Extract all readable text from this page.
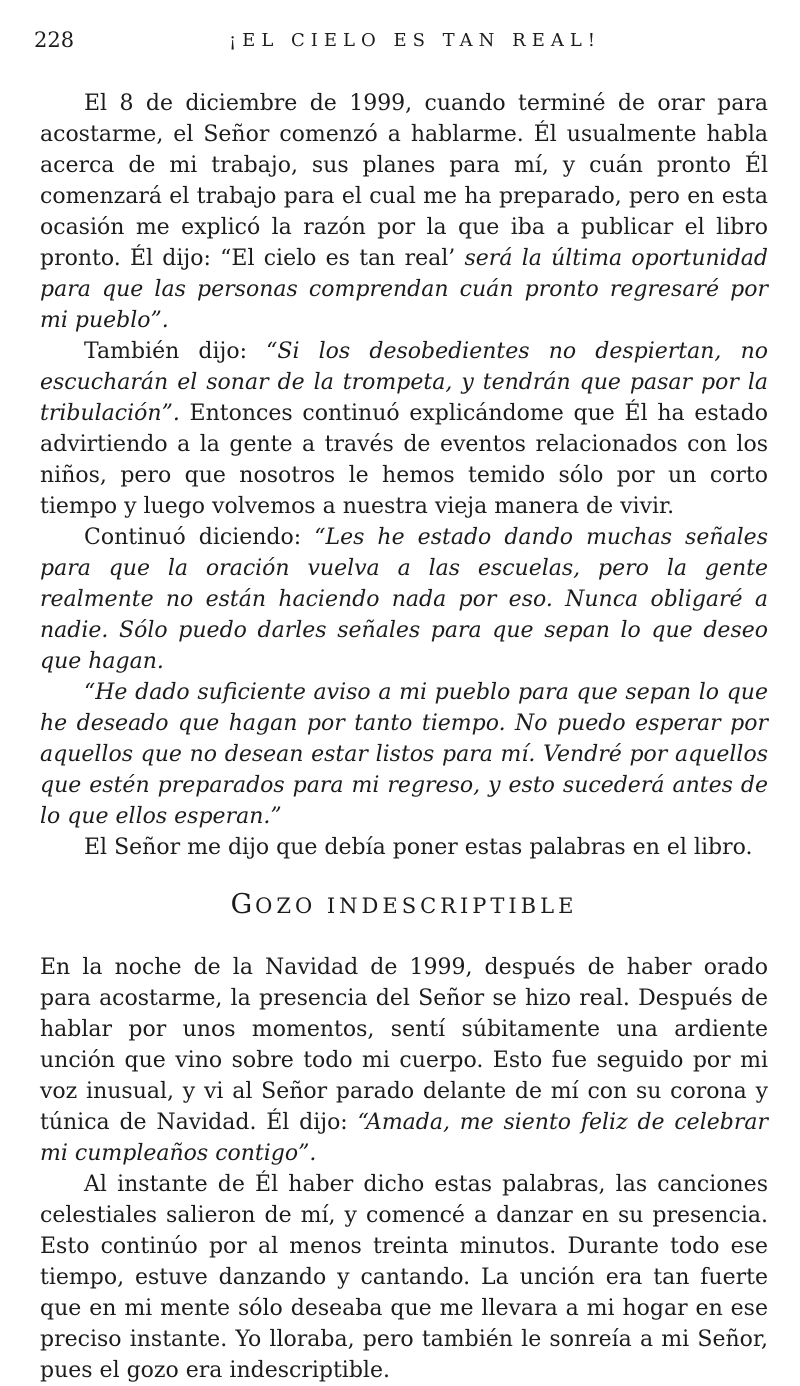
228	¡EL CIELO ES TAN REAL!

El 8 de diciembre de 1999, cuando terminé de orar para acostarme, el Señor comenzó a hablarme. Él usualmente habla acerca de mi trabajo, sus planes para mí, y cuán pronto Él comenzará el trabajo para el cual me ha preparado, pero en esta ocasión me explicó la razón por la que iba a publicar el libro pronto. Él dijo: “El cielo es tan real’ será la última oportunidad para que las personas comprendan cuán pronto regresaré por mi pueblo”.

También dijo: “Si los desobedientes no despiertan, no escucharán el sonar de la trompeta, y tendrán que pasar por la tribulación”. Entonces continuó explicándome que Él ha estado advirtiendo a la gente a través de eventos relacionados con los niños, pero que nosotros le hemos temido sólo por un corto tiempo y luego volvemos a nuestra vieja manera de vivir.

Continuó diciendo: “Les he estado dando muchas señales para que la oración vuelva a las escuelas, pero la gente realmente no están haciendo nada por eso. Nunca obligaré a nadie. Sólo puedo darles señales para que sepan lo que deseo que hagan.

“He dado suficiente aviso a mi pueblo para que sepan lo que he deseado que hagan por tanto tiempo. No puedo esperar por aquellos que no desean estar listos para mí. Vendré por aquellos que estén preparados para mi regreso, y esto sucederá antes de lo que ellos esperan.”

El Señor me dijo que debía poner estas palabras en el libro.

GOZO INDESCRIPTIBLE

En la noche de la Navidad de 1999, después de haber orado para acostarme, la presencia del Señor se hizo real. Después de hablar por unos momentos, sentí súbitamente una ardiente unción que vino sobre todo mi cuerpo. Esto fue seguido por mi voz inusual, y vi al Señor parado delante de mí con su corona y túnica de Navidad. Él dijo: “Amada, me siento feliz de celebrar mi cumpleaños contigo”.

Al instante de Él haber dicho estas palabras, las canciones celestiales salieron de mí, y comencé a danzar en su presencia. Esto continúo por al menos treinta minutos. Durante todo ese tiempo, estuve danzando y cantando. La unción era tan fuerte que en mi mente sólo deseaba que me llevara a mi hogar en ese preciso instante. Yo lloraba, pero también le sonreía a mi Señor, pues el gozo era indescriptible.
